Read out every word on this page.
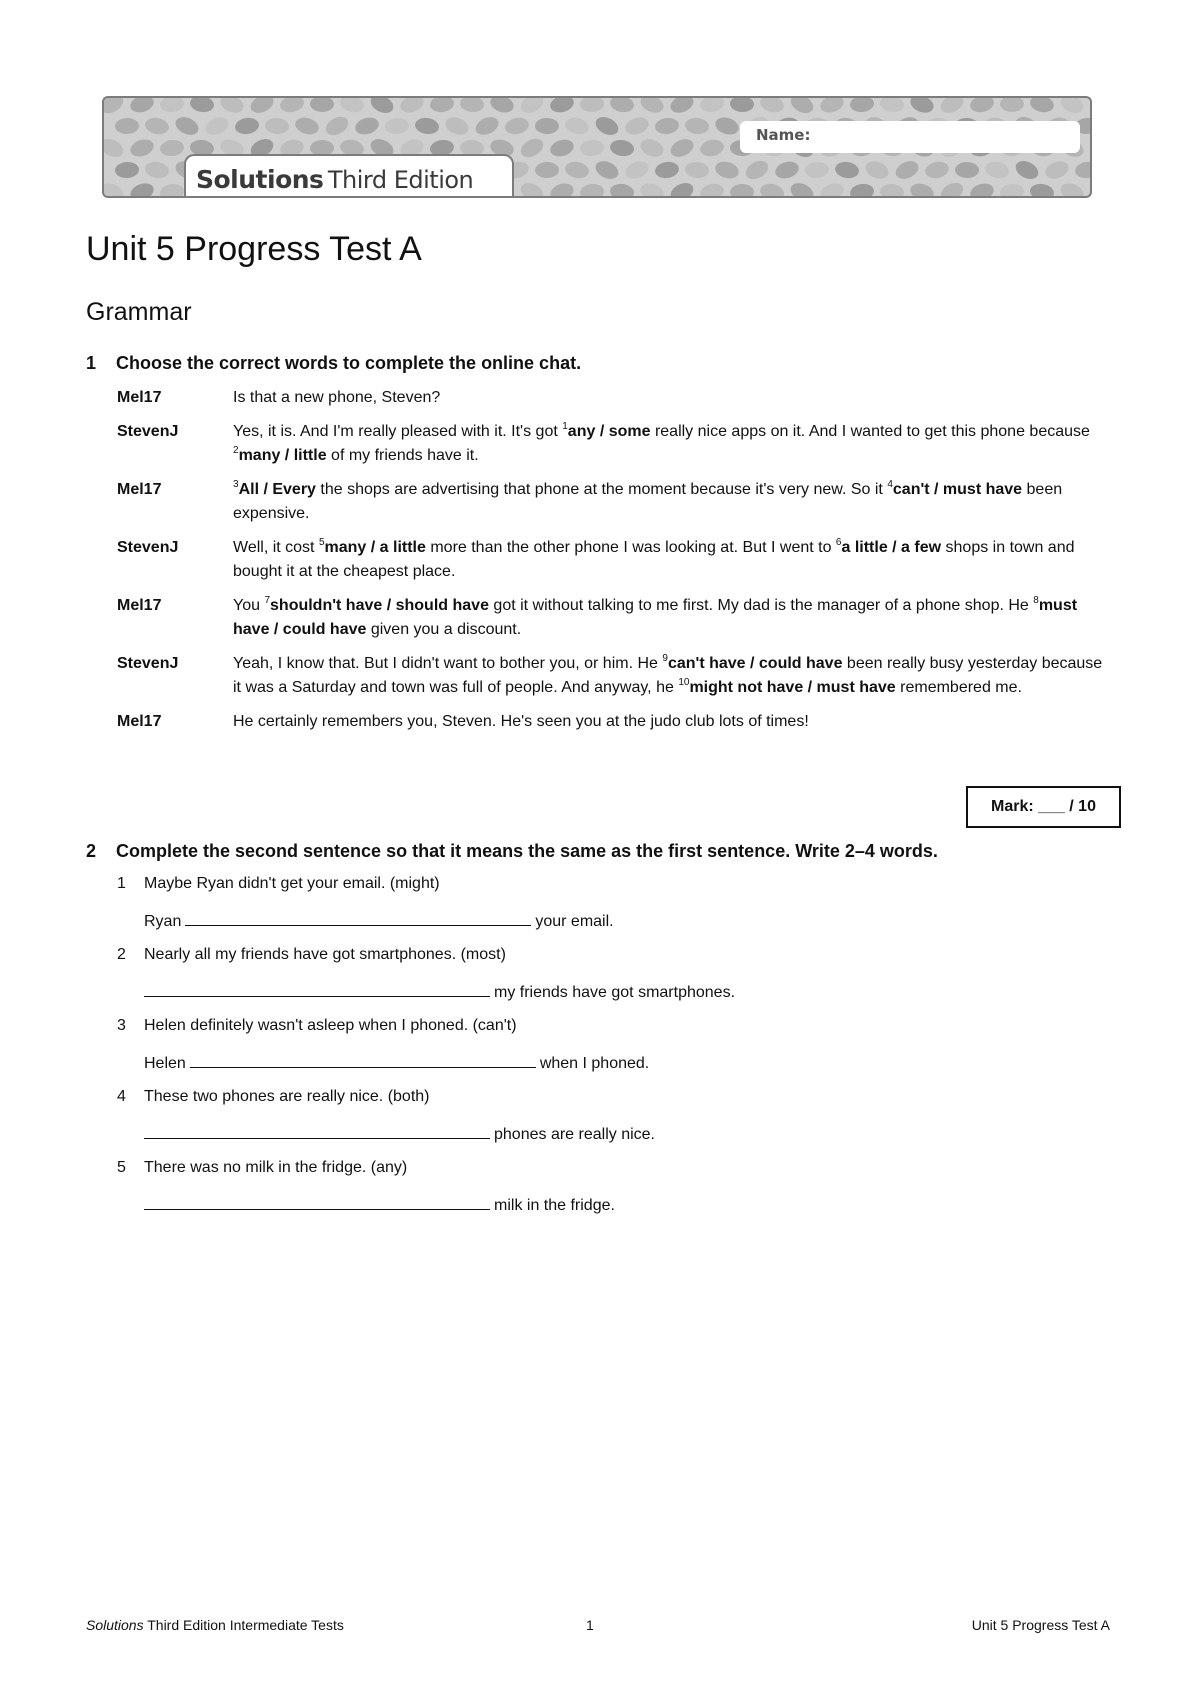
Name:
Solutions Third Edition
Unit 5 Progress Test A
Grammar
1 Choose the correct words to complete the online chat.
Mel17	Is that a new phone, Steven?
StevenJ	Yes, it is. And I'm really pleased with it. It's got $^1$any / some really nice apps on it. And I wanted to get this phone because $^2$many / little of my friends have it.
Mel17	$^3$All / Every the shops are advertising that phone at the moment because it's very new. So it $^4$can't / must have been expensive.
StevenJ	Well, it cost $^5$many / a little more than the other phone I was looking at. But I went to $^6$a little / a few shops in town and bought it at the cheapest place.
Mel17	You $^7$shouldn't have / should have got it without talking to me first. My dad is the manager of a phone shop. He $^8$must have / could have given you a discount.
StevenJ	Yeah, I know that. But I didn't want to bother you, or him. He $^9$can't have / could have been really busy yesterday because it was a Saturday and town was full of people. And anyway, he $^{10}$might not have / must have remembered me.
Mel17	He certainly remembers you, Steven. He's seen you at the judo club lots of times!
Mark: ___ / 10
2 Complete the second sentence so that it means the same as the first sentence. Write 2–4 words.
1	Maybe Ryan didn't get your email. (might)
Ryan	your email.
2	Nearly all my friends have got smartphones. (most)
my friends have got smartphones.
3	Helen definitely wasn't asleep when I phoned. (can't)
Helen	when I phoned.
4	These two phones are really nice. (both)
phones are really nice.
5	There was no milk in the fridge. (any)
milk in the fridge.
Solutions Third Edition Intermediate Tests	1	Unit 5 Progress Test A
